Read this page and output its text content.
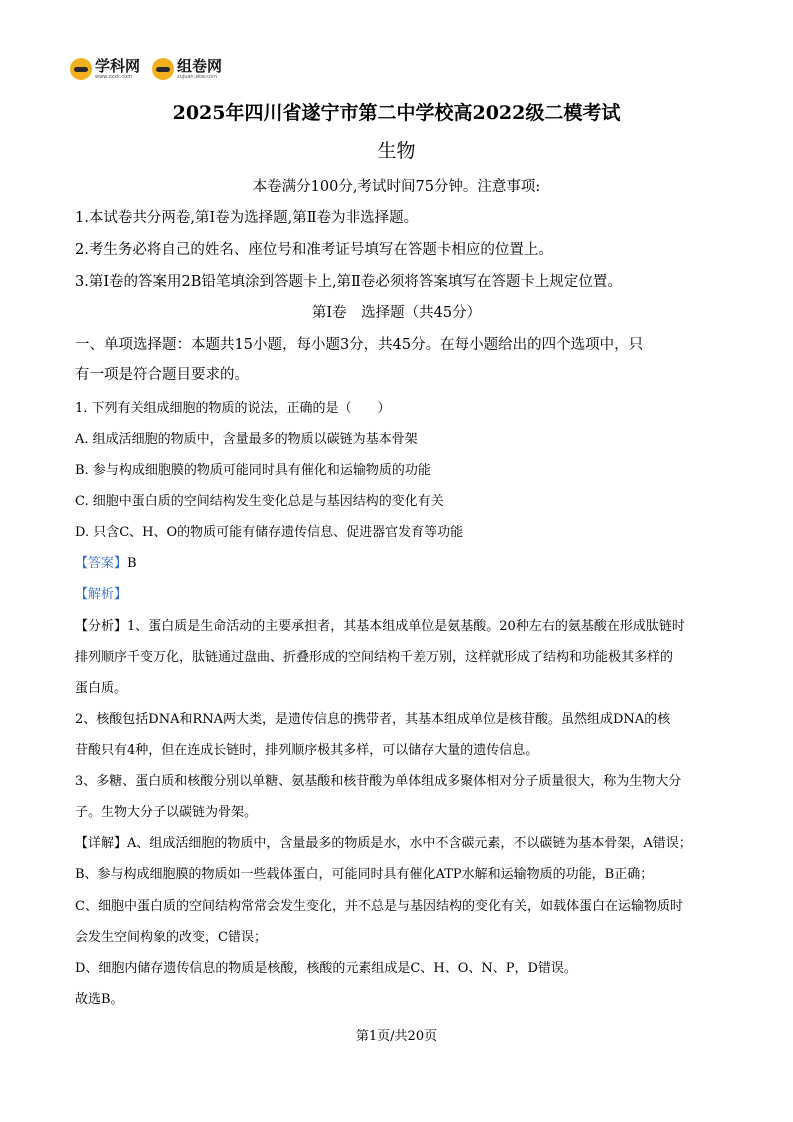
学科网
www.zxxk.com
组卷网
zujuan.xkw.com
2025年四川省遂宁市第二中学校高2022级二模考试
生物
本卷满分100分,考试时间75分钟。注意事项:
1.本试卷共分两卷,第Ⅰ卷为选择题,第Ⅱ卷为非选择题。
2.考生务必将自己的姓名、座位号和准考证号填写在答题卡相应的位置上。
3.第Ⅰ卷的答案用2B铅笔填涂到答题卡上,第Ⅱ卷必须将答案填写在答题卡上规定位置。
第Ⅰ卷　选择题（共45分）
一、单项选择题：本题共15小题，每小题3分，共45分。在每小题给出的四个选项中，只
有一项是符合题目要求的。
1. 下列有关组成细胞的物质的说法，正确的是（　　）
A. 组成活细胞的物质中，含量最多的物质以碳链为基本骨架
B. 参与构成细胞膜的物质可能同时具有催化和运输物质的功能
C. 细胞中蛋白质的空间结构发生变化总是与基因结构的变化有关
D. 只含C、H、O的物质可能有储存遗传信息、促进器官发育等功能
【答案】B
【解析】
【分析】1、蛋白质是生命活动的主要承担者，其基本组成单位是氨基酸。20种左右的氨基酸在形成肽链时
排列顺序千变万化，肽链通过盘曲、折叠形成的空间结构千差万别，这样就形成了结构和功能极其多样的
蛋白质。
2、核酸包括DNA和RNA两大类，是遗传信息的携带者，其基本组成单位是核苷酸。虽然组成DNA的核
苷酸只有4种，但在连成长链时，排列顺序极其多样，可以储存大量的遗传信息。
3、多糖、蛋白质和核酸分别以单糖、氨基酸和核苷酸为单体组成多聚体相对分子质量很大，称为生物大分
子。生物大分子以碳链为骨架。
【详解】A、组成活细胞的物质中，含量最多的物质是水，水中不含碳元素，不以碳链为基本骨架，A错误；
B、参与构成细胞膜的物质如一些载体蛋白，可能同时具有催化ATP水解和运输物质的功能，B正确；
C、细胞中蛋白质的空间结构常常会发生变化，并不总是与基因结构的变化有关，如载体蛋白在运输物质时
会发生空间构象的改变，C错误；
D、细胞内储存遗传信息的物质是核酸，核酸的元素组成是C、H、O、N、P，D错误。
故选B。
第1页/共20页
